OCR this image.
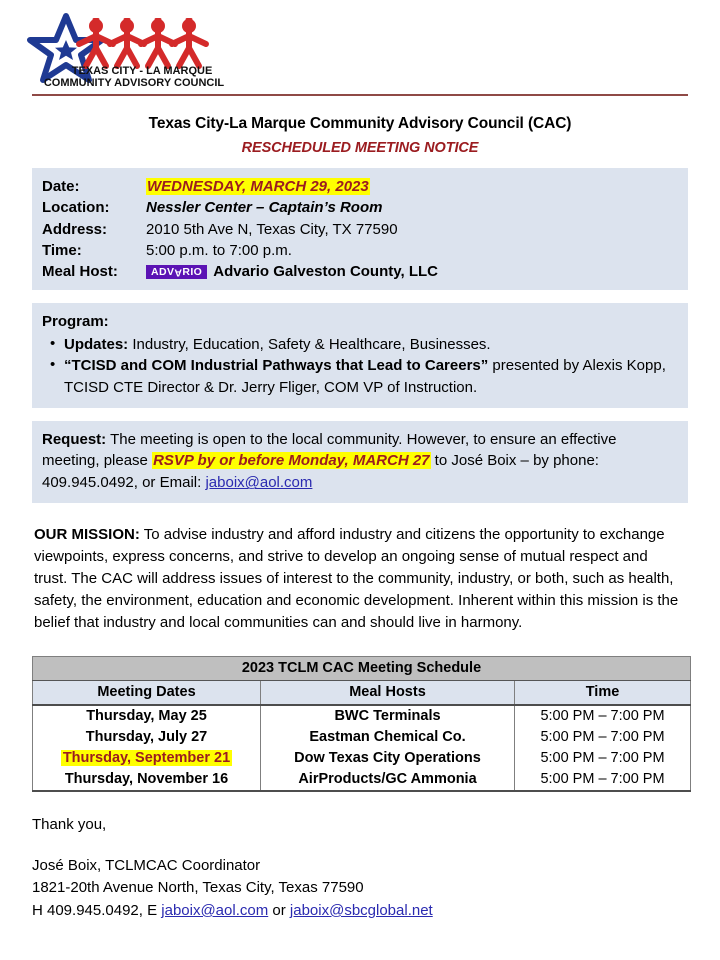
TEXAS CITY - LA MARQUE
COMMUNITY ADVISORY COUNCIL
Texas City-La Marque Community Advisory Council (CAC)
RESCHEDULED MEETING NOTICE
Date:	WEDNESDAY, MARCH 29, 2023
Location:	Nessler Center – Captain’s Room
Address:	2010 5th Ave N, Texas City, TX 77590
Time:	5:00 p.m. to 7:00 p.m.
Meal Host:	ADVARIO Advario Galveston County, LLC
Program:
• Updates: Industry, Education, Safety & Healthcare, Businesses.
• “TCISD and COM Industrial Pathways that Lead to Careers” presented by Alexis Kopp, TCISD CTE Director & Dr. Jerry Fliger, COM VP of Instruction.
Request: The meeting is open to the local community. However, to ensure an effective meeting, please RSVP by or before Monday, MARCH 27 to José Boix – by phone: 409.945.0492, or Email: jaboix@aol.com
OUR MISSION: To advise industry and afford industry and citizens the opportunity to exchange viewpoints, express concerns, and strive to develop an ongoing sense of mutual respect and trust. The CAC will address issues of interest to the community, industry, or both, such as health, safety, the environment, education and economic development. Inherent within this mission is the belief that industry and local communities can and should live in harmony.
2023 TCLM CAC Meeting Schedule		
Meeting Dates	Meal Hosts	Time
Thursday, May 25	BWC Terminals	5:00 PM – 7:00 PM
Thursday, July 27	Eastman Chemical Co.	5:00 PM – 7:00 PM
Thursday, September 21	Dow Texas City Operations	5:00 PM – 7:00 PM
Thursday, November 16	AirProducts/GC Ammonia	5:00 PM – 7:00 PM
Thank you,
José Boix, TCLMCAC Coordinator
1821-20th Avenue North, Texas City, Texas 77590
H 409.945.0492, E jaboix@aol.com or jaboix@sbcglobal.net
